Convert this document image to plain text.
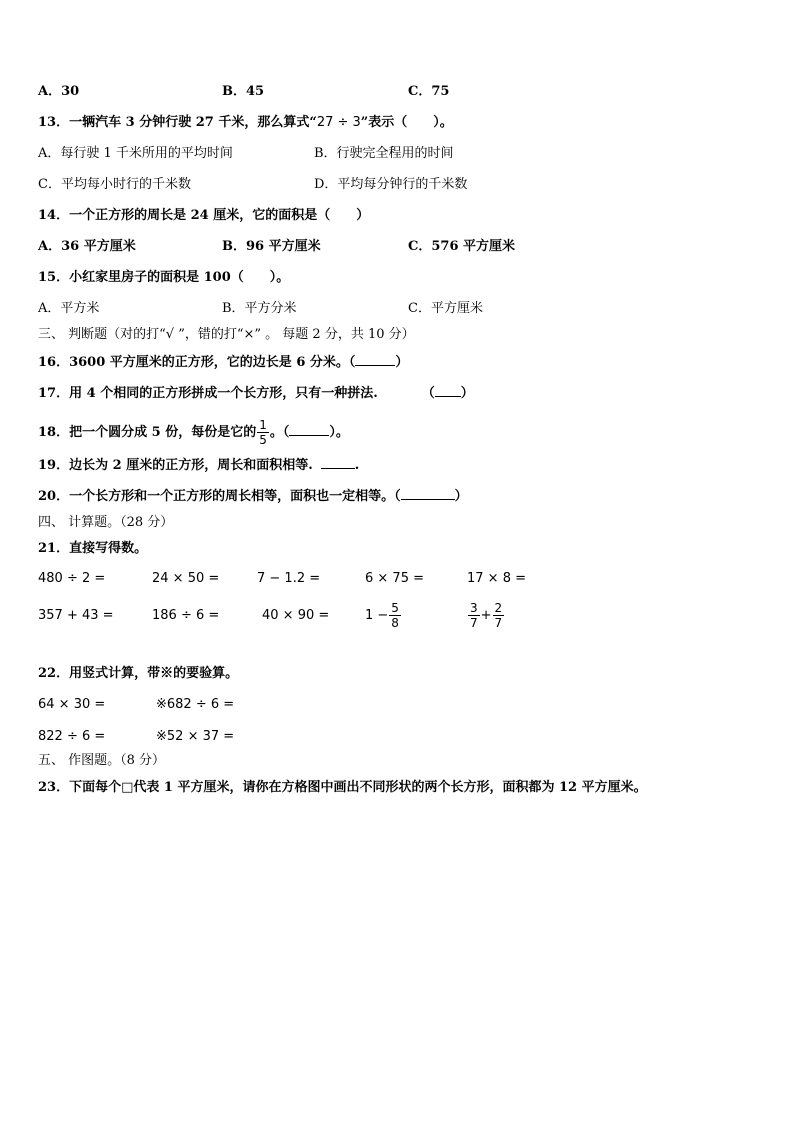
A．30	B．45	C．75
13．一辆汽车 3 分钟行驶 27 千米，那么算式“27 ÷ 3”表示（　　）。
A．每行驶 1 千米所用的平均时间	B．行驶完全程用的时间
C．平均每小时行的千米数	D．平均每分钟行的千米数
14．一个正方形的周长是 24 厘米，它的面积是（　　）
A．36 平方厘米	B．96 平方厘米	C．576 平方厘米
15．小红家里房子的面积是 100（　　）。
A．平方米	B．平方分米	C．平方厘米
三、 判断题（对的打“√ ”，错的打“×” 。 每题 2 分，共 10 分）
16．3600 平方厘米的正方形，它的边长是 6 分米。（	）
17．用 4 个相同的正方形拼成一个长方形，只有一种拼法.	（ ）
18．把一个圆分成 5 份，每份是它的 $\frac{1}{5}$ 。（	）。
19．边长为 2 厘米的正方形，周长和面积相等.	.
20．一个长方形和一个正方形的周长相等，面积也一定相等。（	）
四、 计算题。（28 分）
21．直接写得数。
480 ÷ 2 =	24 × 50 =	7 − 1.2 =	6 × 75 =	17 × 8 =
357 + 43 =	186 ÷ 6 =	40 × 90 =	$1 - \frac{5}{8}$	$\frac{3}{7} + \frac{2}{7}$
22．用竖式计算，带※的要验算。
64 × 30 =	※682 ÷ 6 =
822 ÷ 6 =	※52 × 37 =
五、 作图题。（8 分）
23．下面每个□代表 1 平方厘米，请你在方格图中画出不同形状的两个长方形，面积都为 12 平方厘米。
